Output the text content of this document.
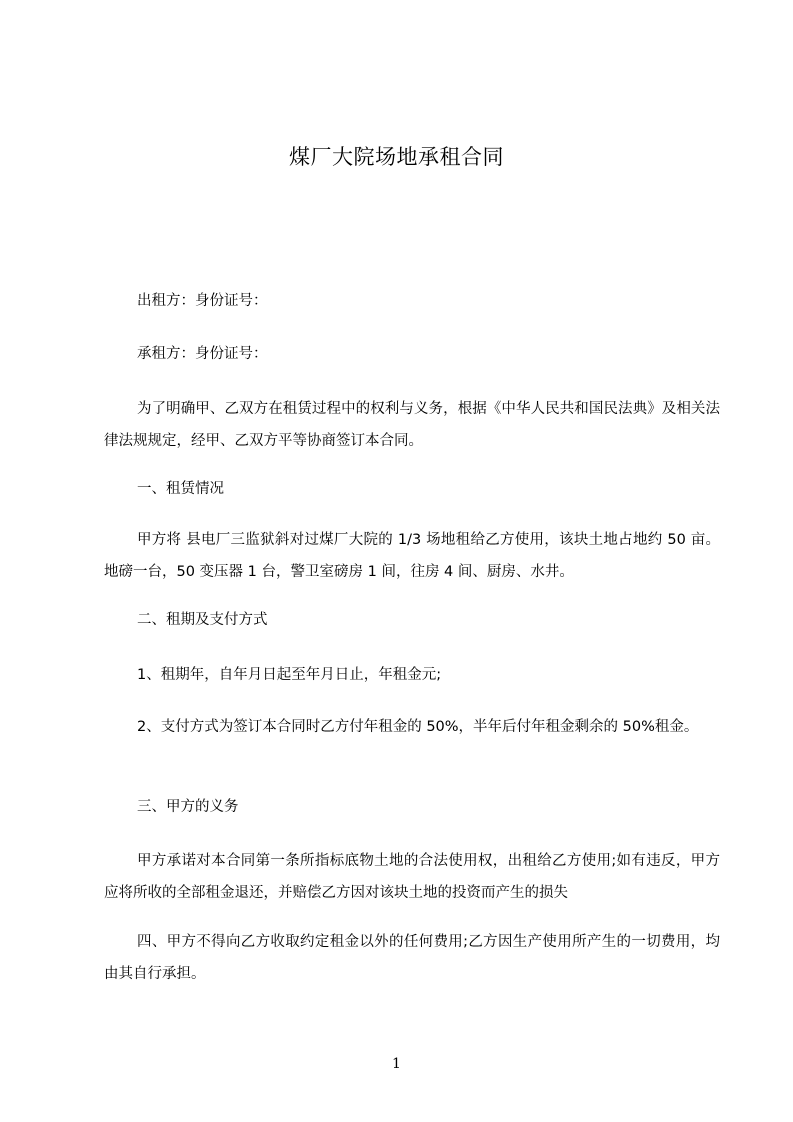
煤厂大院场地承租合同
出租方：身份证号：
承租方：身份证号：
为了明确甲、乙双方在租赁过程中的权利与义务，根据《中华人民共和国民法典》及相关法律法规规定，经甲、乙双方平等协商签订本合同。
一、租赁情况
甲方将 县电厂三监狱斜对过煤厂大院的 1/3 场地租给乙方使用，该块土地占地约 50 亩。地磅一台，50 变压器 1 台，警卫室磅房 1 间，往房 4 间、厨房、水井。
二、租期及支付方式
1、租期年，自年月日起至年月日止，年租金元;
2、支付方式为签订本合同时乙方付年租金的 50%，半年后付年租金剩余的 50%租金。
三、甲方的义务
甲方承诺对本合同第一条所指标底物土地的合法使用权，出租给乙方使用;如有违反，甲方应将所收的全部租金退还，并赔偿乙方因对该块土地的投资而产生的损失
四、甲方不得向乙方收取约定租金以外的任何费用;乙方因生产使用所产生的一切费用，均由其自行承担。
1
